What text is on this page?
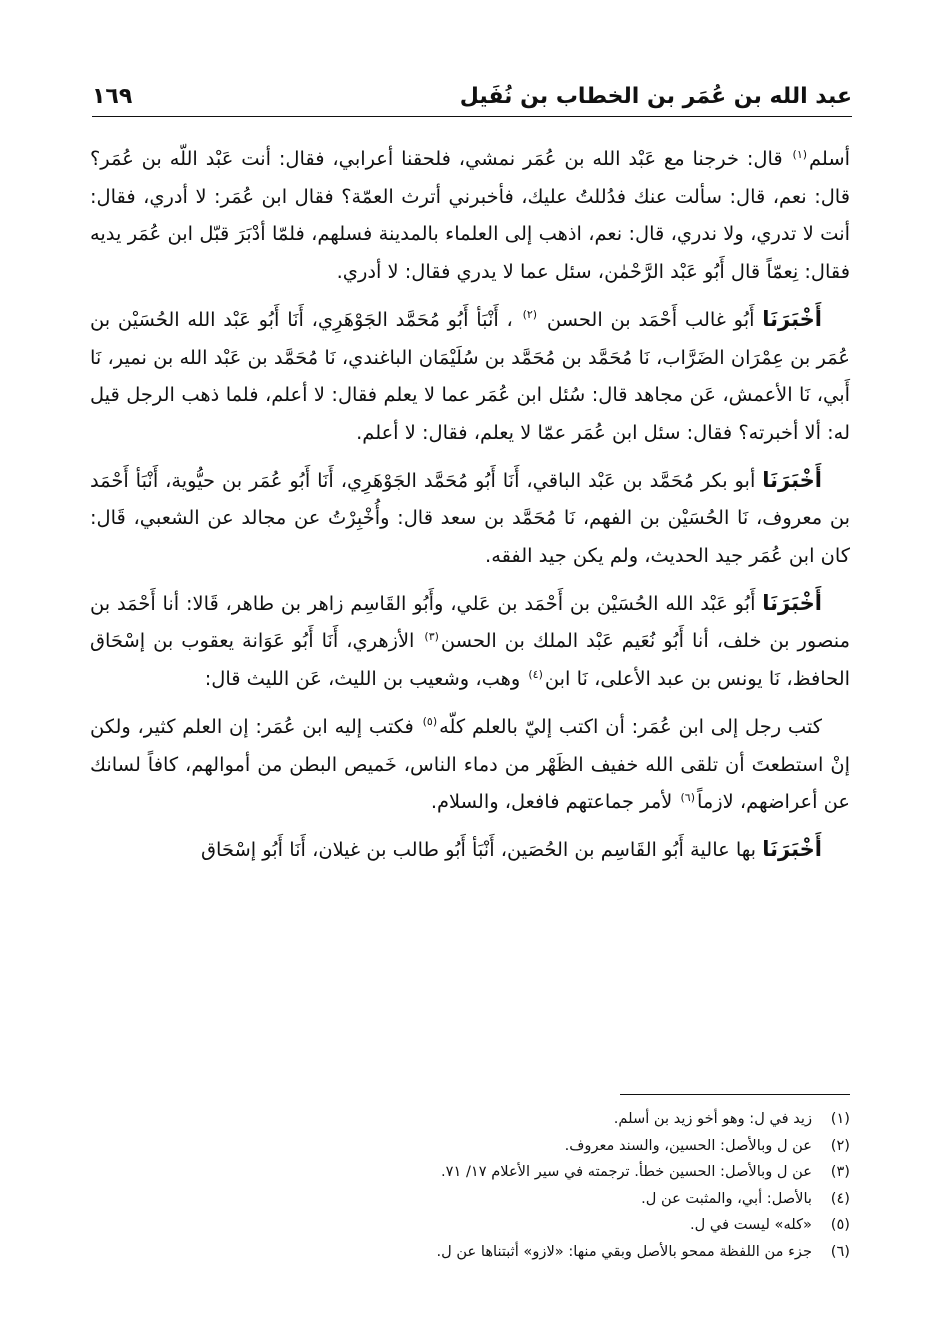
عبد الله بن عُمَر بن الخطاب بن نُفَيل
١٦٩

أسلم$^{(١)}$ قال: خرجنا مع عَبْد الله بن عُمَر نمشي، فلحقنا أعرابي، فقال: أنت عَبْد اللّه بن عُمَر؟ قال: نعم، قال: سألت عنك فدُللتُ عليك، فأخبرني أترث العمّة؟ فقال ابن عُمَر: لا أدري، فقال: أنت لا تدري، ولا ندري، قال: نعم، اذهب إلى العلماء بالمدينة فسلهم، فلمّا أدْبَرَ قبّل ابن عُمَر يديه فقال: نِعمّاً قال أَبُو عَبْد الرَّحْمٰن، سئل عما لا يدري فقال: لا أدري.

أَخْبَرَنَا أَبُو غالب أَحْمَد بن الحسن $^{(٢)}$ ، أَنْبَأ أَبُو مُحَمَّد الجَوْهَرِي، أَنَا أَبُو عَبْد الله الحُسَيْن بن عُمَر بن عِمْرَان الضَرَّاب، نَا مُحَمَّد بن مُحَمَّد بن سُلَيْمَان الباغندي، نَا مُحَمَّد بن عَبْد الله بن نمير، نَا أَبي، نَا الأعمش، عَن مجاهد قال: سُئل ابن عُمَر عما لا يعلم فقال: لا أعلم، فلما ذهب الرجل قيل له: ألا أخبرته؟ فقال: سئل ابن عُمَر عمّا لا يعلم، فقال: لا أعلم.

أَخْبَرَنَا أبو بكر مُحَمَّد بن عَبْد الباقي، أَنَا أَبُو مُحَمَّد الجَوْهَرِي، أَنَا أَبُو عُمَر بن حيُّوية، أَنْبَأ أَحْمَد بن معروف، نَا الحُسَيْن بن الفهم، نَا مُحَمَّد بن سعد قال: وأُخْبِرْتُ عن مجالد عن الشعبي، قَال: كان ابن عُمَر جيد الحديث، ولم يكن جيد الفقه.

أَخْبَرَنَا أَبُو عَبْد الله الحُسَيْن بن أَحْمَد بن عَلي، وأَبُو القَاسِم زاهر بن طاهر، قَالا: أنا أَحْمَد بن منصور بن خلف، أنا أَبُو نُعَيم عَبْد الملك بن الحسن$^{(٣)}$ الأزهري، أَنَا أَبُو عَوَانة يعقوب بن إسْحَاق الحافظ، نَا يونس بن عبد الأعلى، نَا ابن$^{(٤)}$ وهب، وشعيب بن الليث، عَن الليث قال:

كتب رجل إلى ابن عُمَر: أن اكتب إليّ بالعلم كلّه$^{(٥)}$ فكتب إليه ابن عُمَر: إن العلم كثير، ولكن إنْ استطعتَ أن تلقى الله خفيف الظَهْر من دماء الناس، خَميص البطن من أموالهم، كافاً لسانك عن أعراضهم، لازماً$^{(٦)}$ لأمر جماعتهم فافعل، والسلام.

أَخْبَرَنَا بها عالية أَبُو القَاسِم بن الحُصَين، أَنْبَأ أَبُو طالب بن غيلان، أَنَا أَبُو إسْحَاق

(١)
زيد في ل: وهو أخو زيد بن أسلم.
(٢)
عن ل وبالأصل: الحسين، والسند معروف.
(٣)
عن ل وبالأصل: الحسين خطأ. ترجمته في سير الأعلام ١٧/ ٧١.
(٤)
بالأصل: أبي، والمثبت عن ل.
(٥)
«كله» ليست في ل.
(٦)
جزء من اللفظة ممحو بالأصل وبقي منها: «لازو» أثبتناها عن ل.
